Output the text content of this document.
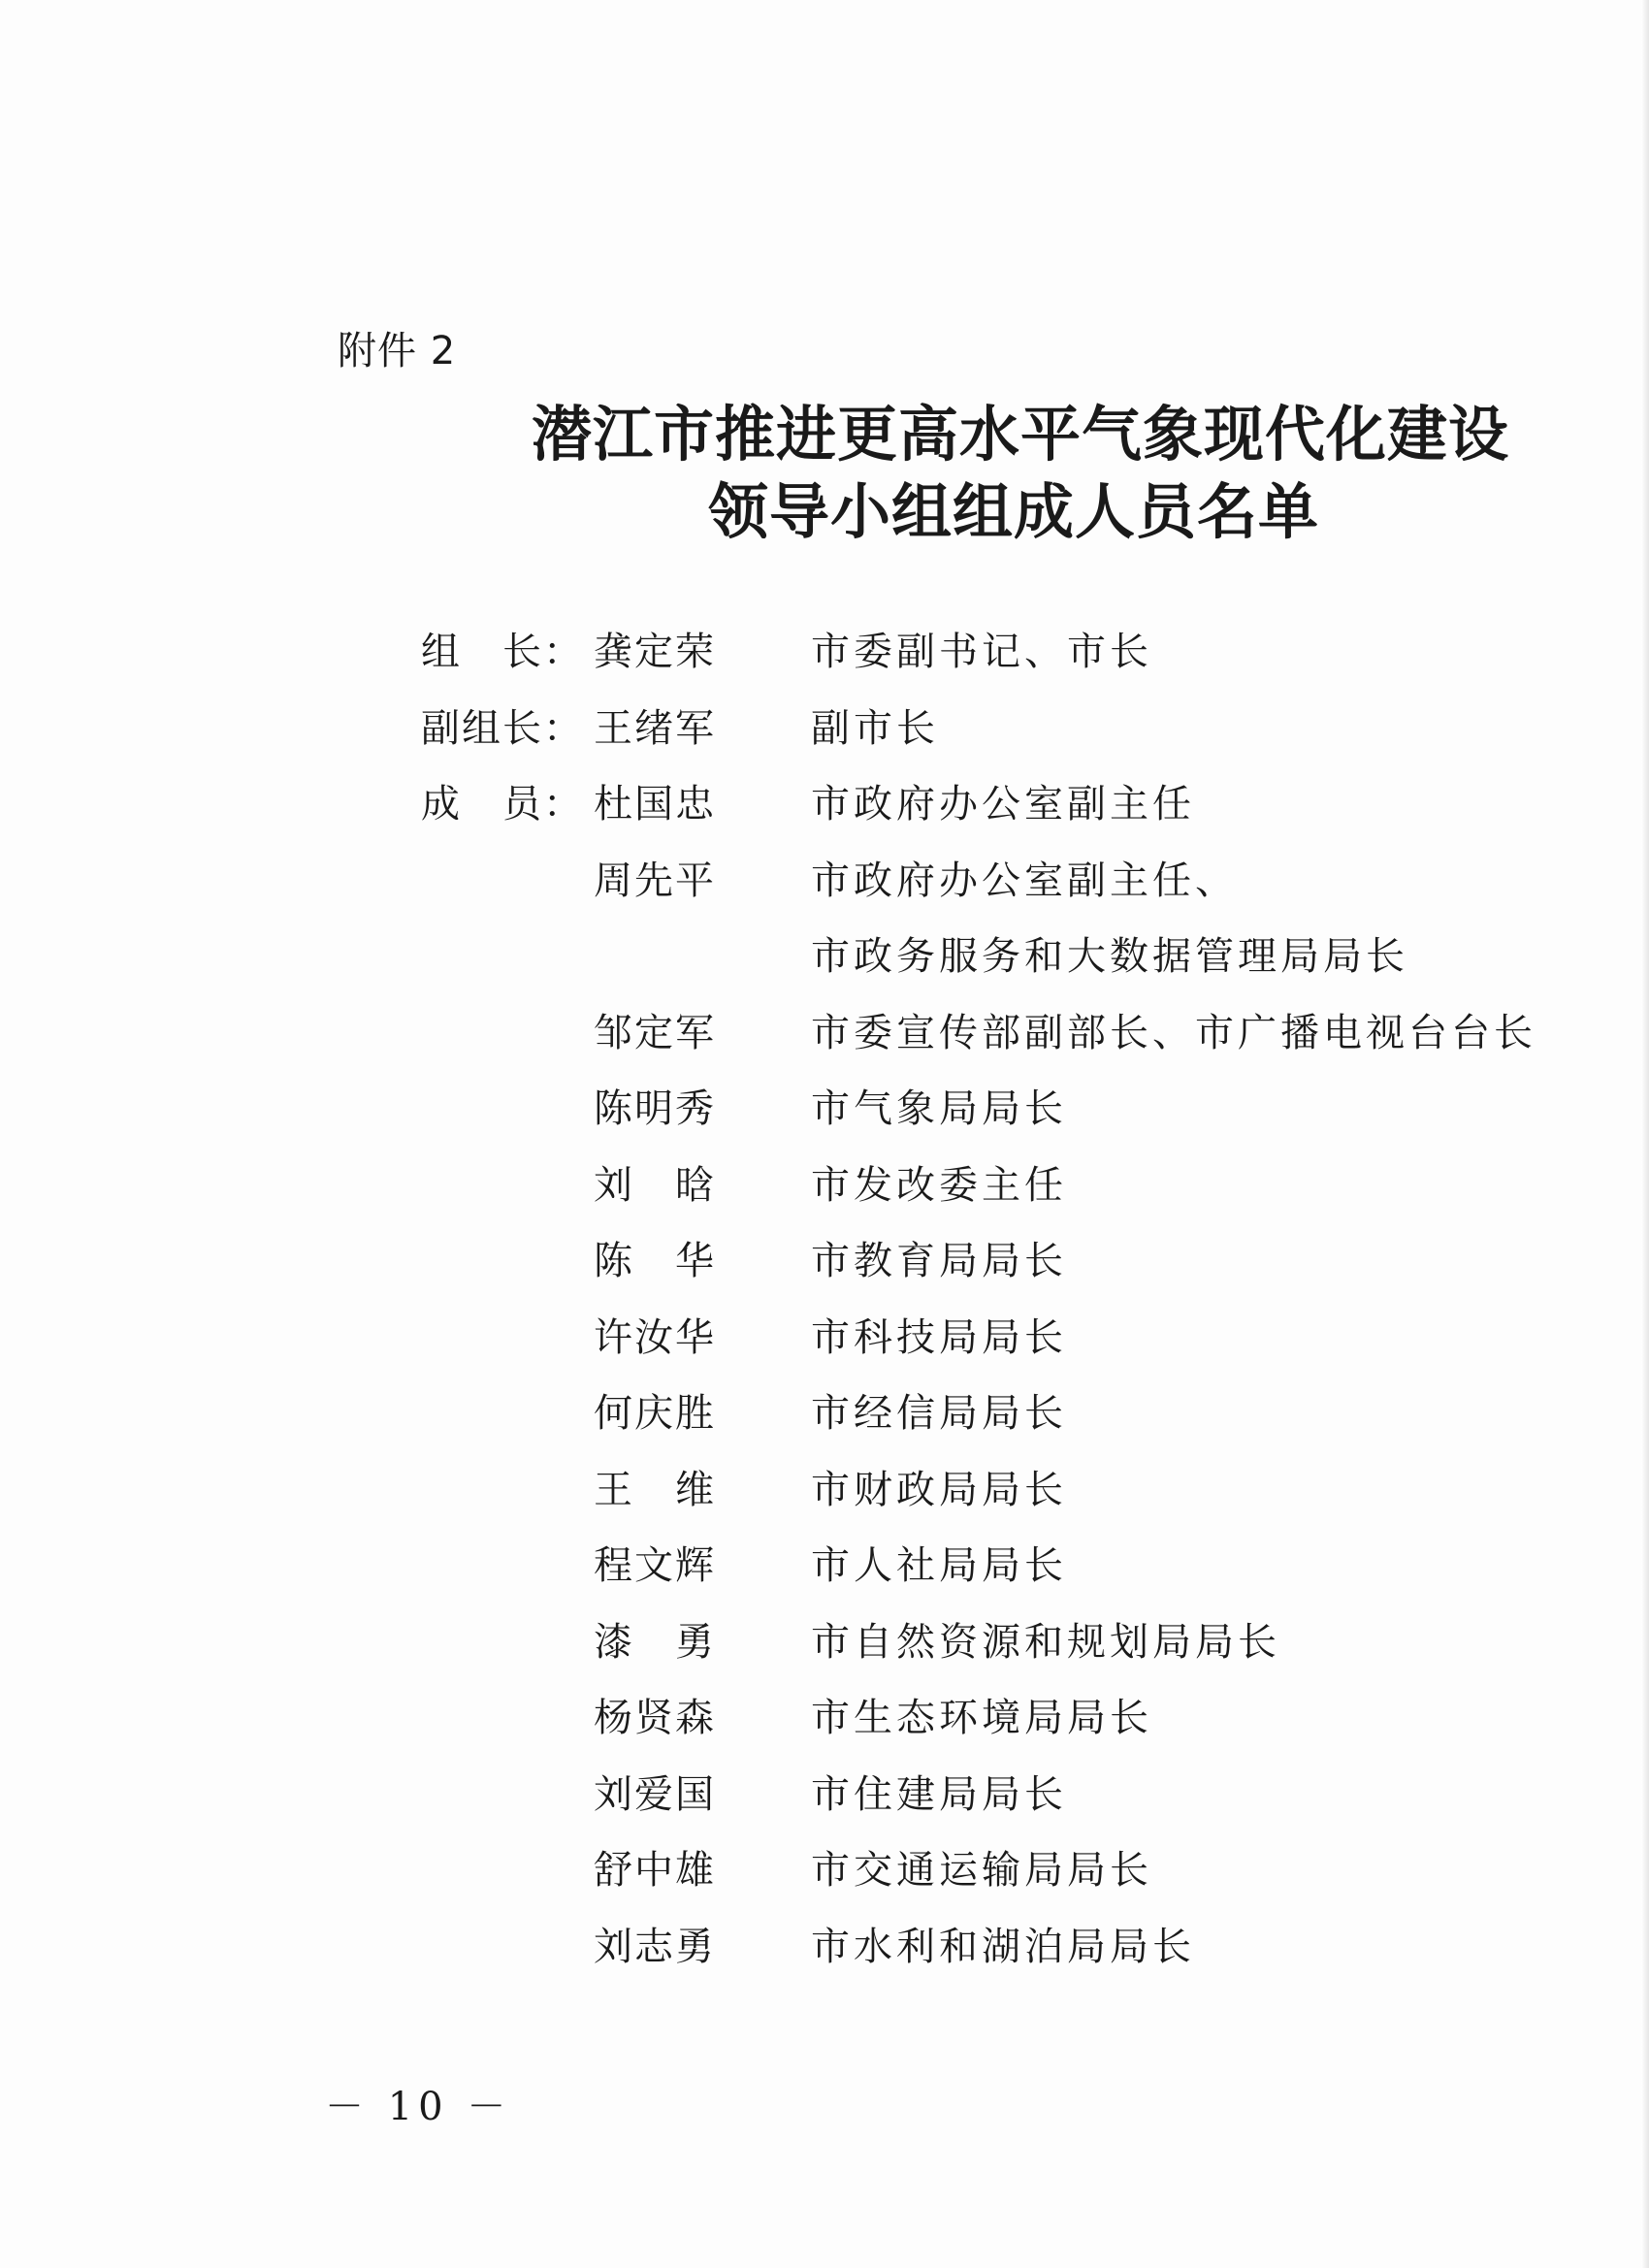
附件 2
潜江市推进更高水平气象现代化建设
领导小组组成人员名单
组　长： 龚定荣	市委副书记、市长
副组长： 王绪军	副市长
成　员： 杜国忠	市政府办公室副主任
周先平	市政府办公室副主任、
市政务服务和大数据管理局局长
邹定军	市委宣传部副部长、市广播电视台台长
陈明秀	市气象局局长
刘　晗	市发改委主任
陈　华	市教育局局长
许汝华	市科技局局长
何庆胜	市经信局局长
王　维	市财政局局长
程文辉	市人社局局长
漆　勇	市自然资源和规划局局长
杨贤森	市生态环境局局长
刘爱国	市住建局局长
舒中雄	市交通运输局局长
刘志勇	市水利和湖泊局局长
－ 10 －
